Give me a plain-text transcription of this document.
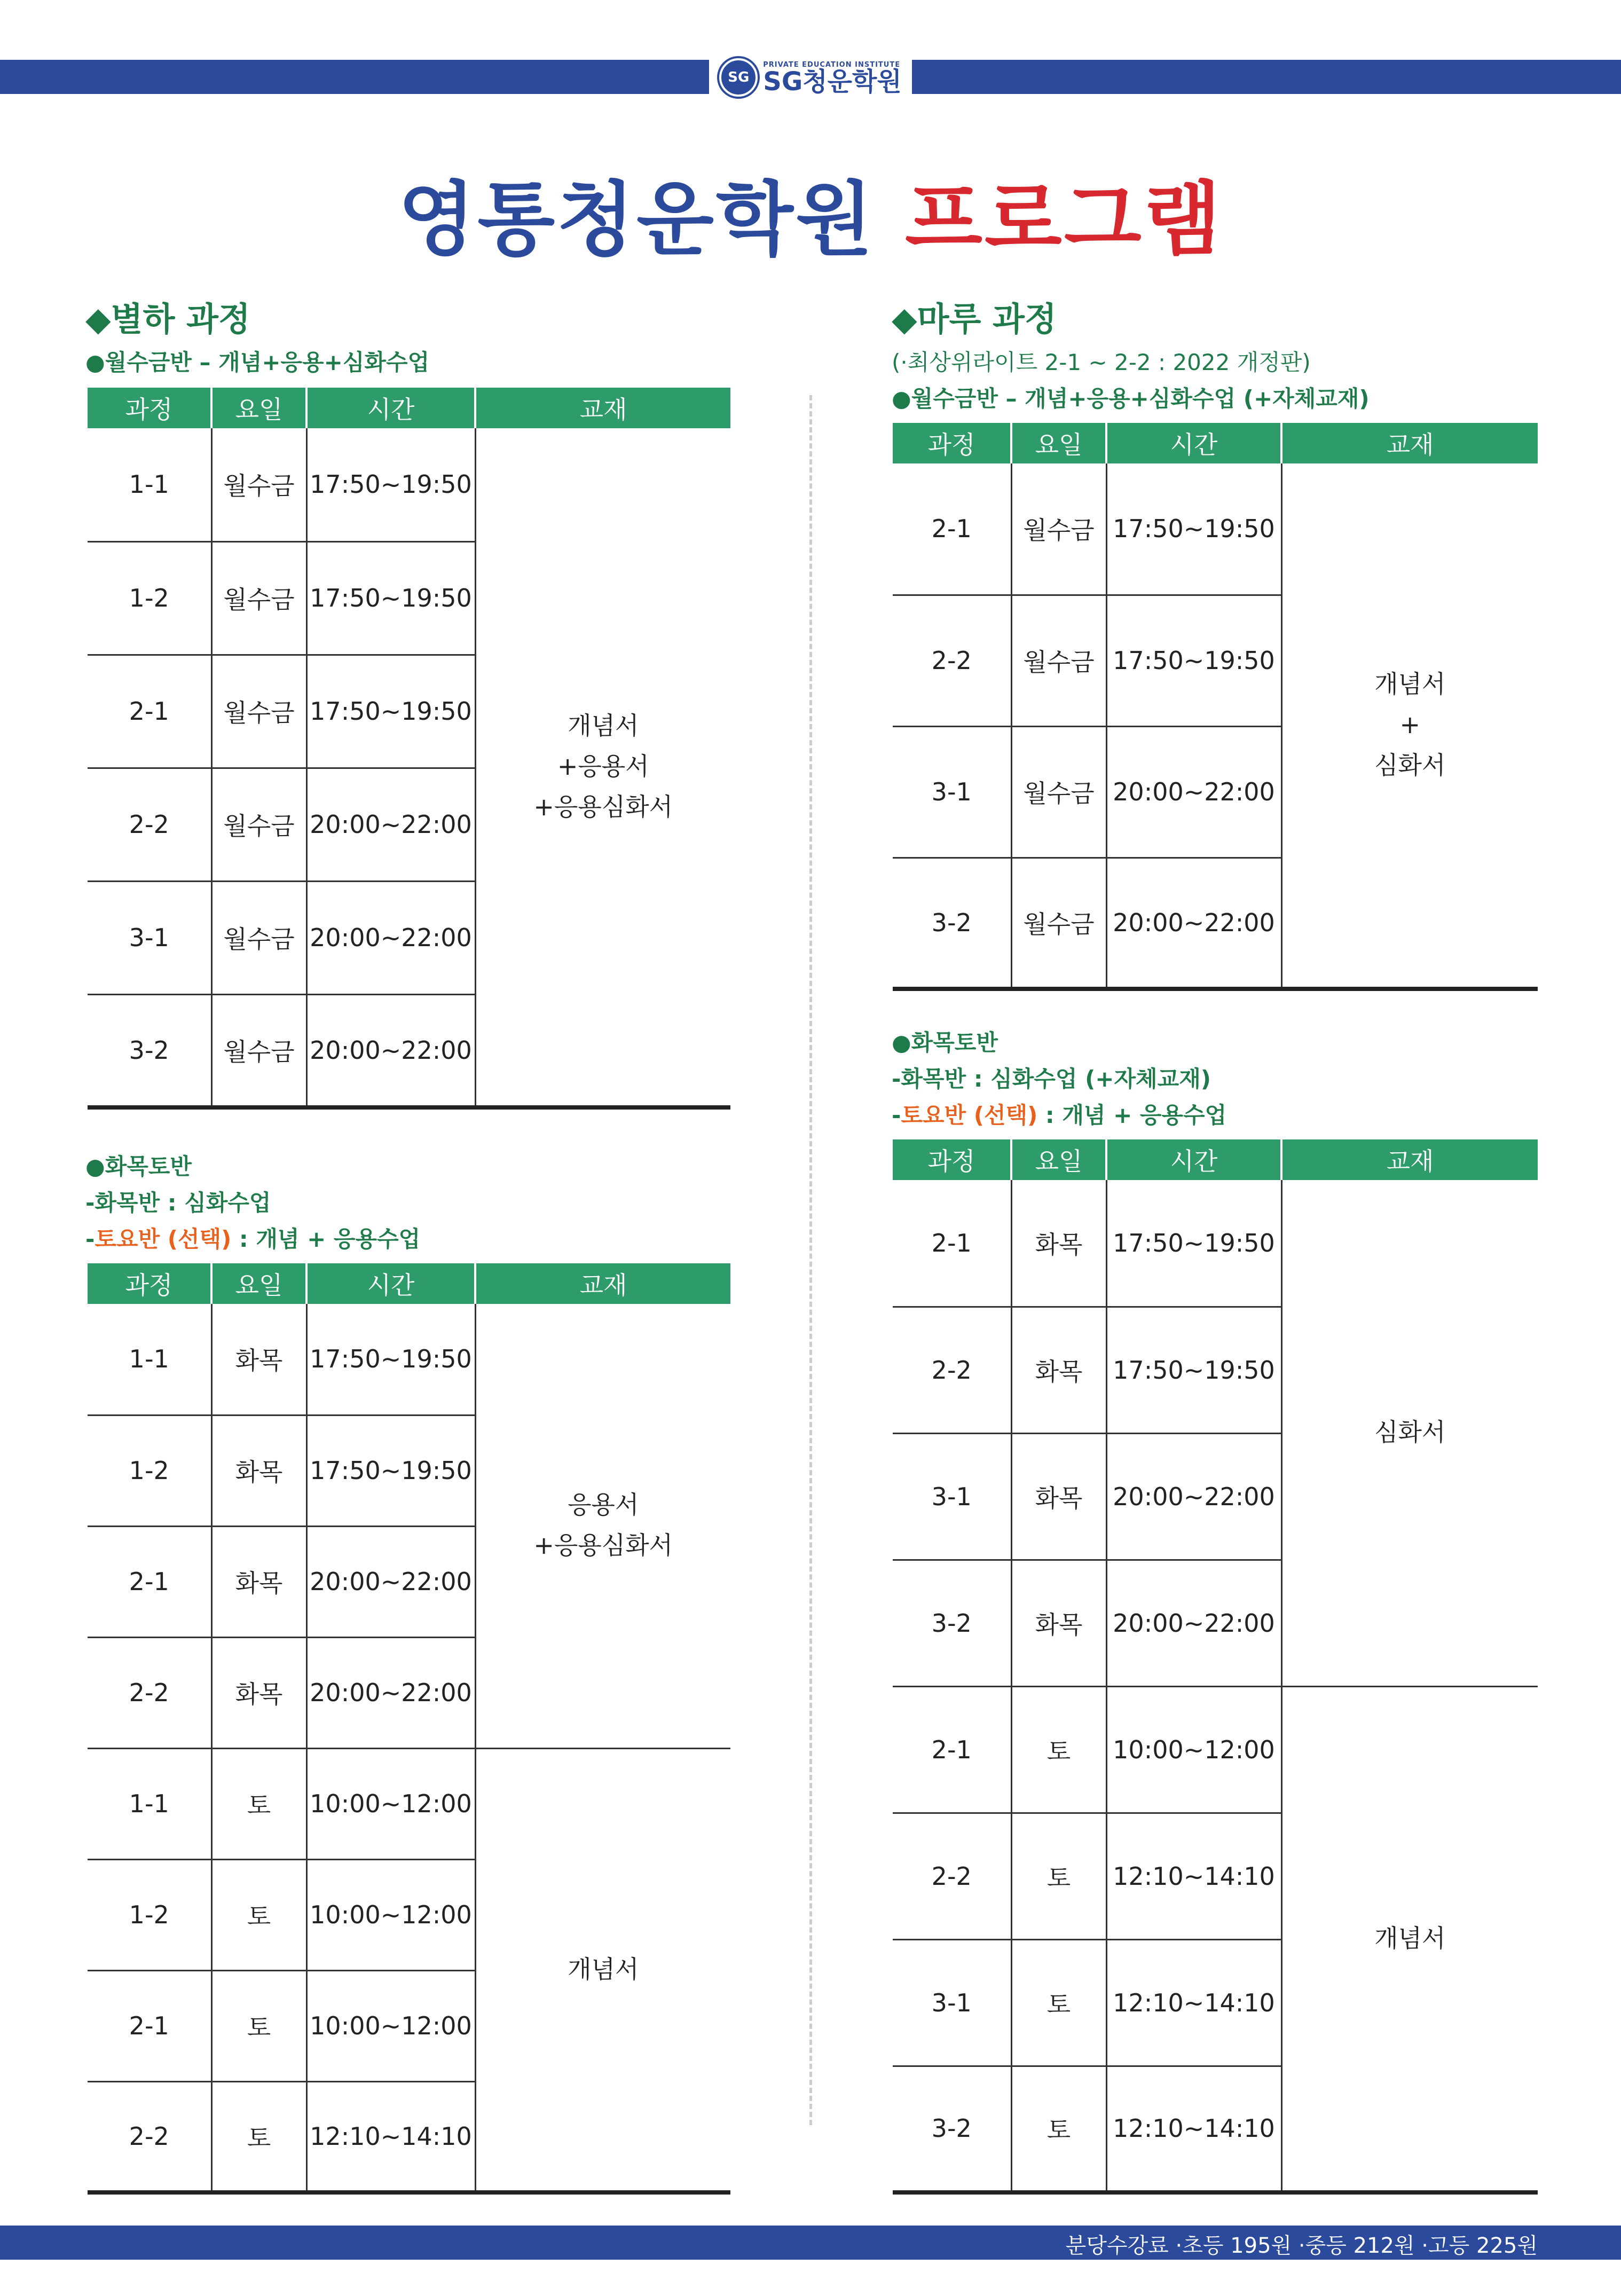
SG
PRIVATE EDUCATION INSTITUTE
SG청운학원
영통청운학원 프로그램
◆별하 과정
●월수금반 – 개념+응용+심화수업
과정	요일	시간	교재
1-1	월수금	17:50~19:50	개념서
+응용서
+응용심화서
1-2	월수금	17:50~19:50	
2-1	월수금	17:50~19:50	
2-2	월수금	20:00~22:00	
3-1	월수금	20:00~22:00	
3-2	월수금	20:00~22:00	
●화목토반
-화목반 : 심화수업
-토요반 (선택) : 개념 + 응용수업
과정	요일	시간	교재
1-1	화목	17:50~19:50	응용서
+응용심화서
1-2	화목	17:50~19:50	
2-1	화목	20:00~22:00	
2-2	화목	20:00~22:00	
1-1	토	10:00~12:00	개념서
1-2	토	10:00~12:00	
2-1	토	10:00~12:00	
2-2	토	12:10~14:10	
◆마루 과정
(·최상위라이트 2-1 ~ 2-2 : 2022 개정판)
●월수금반 – 개념+응용+심화수업 (+자체교재)
과정	요일	시간	교재
2-1	월수금	17:50~19:50	개념서
+
심화서
2-2	월수금	17:50~19:50	
3-1	월수금	20:00~22:00	
3-2	월수금	20:00~22:00	
●화목토반
-화목반 : 심화수업 (+자체교재)
-토요반 (선택) : 개념 + 응용수업
과정	요일	시간	교재
2-1	화목	17:50~19:50	심화서
2-2	화목	17:50~19:50	
3-1	화목	20:00~22:00	
3-2	화목	20:00~22:00	
2-1	토	10:00~12:00	개념서
2-2	토	12:10~14:10	
3-1	토	12:10~14:10	
3-2	토	12:10~14:10	
분당수강료 ·초등 195원 ·중등 212원 ·고등 225원
